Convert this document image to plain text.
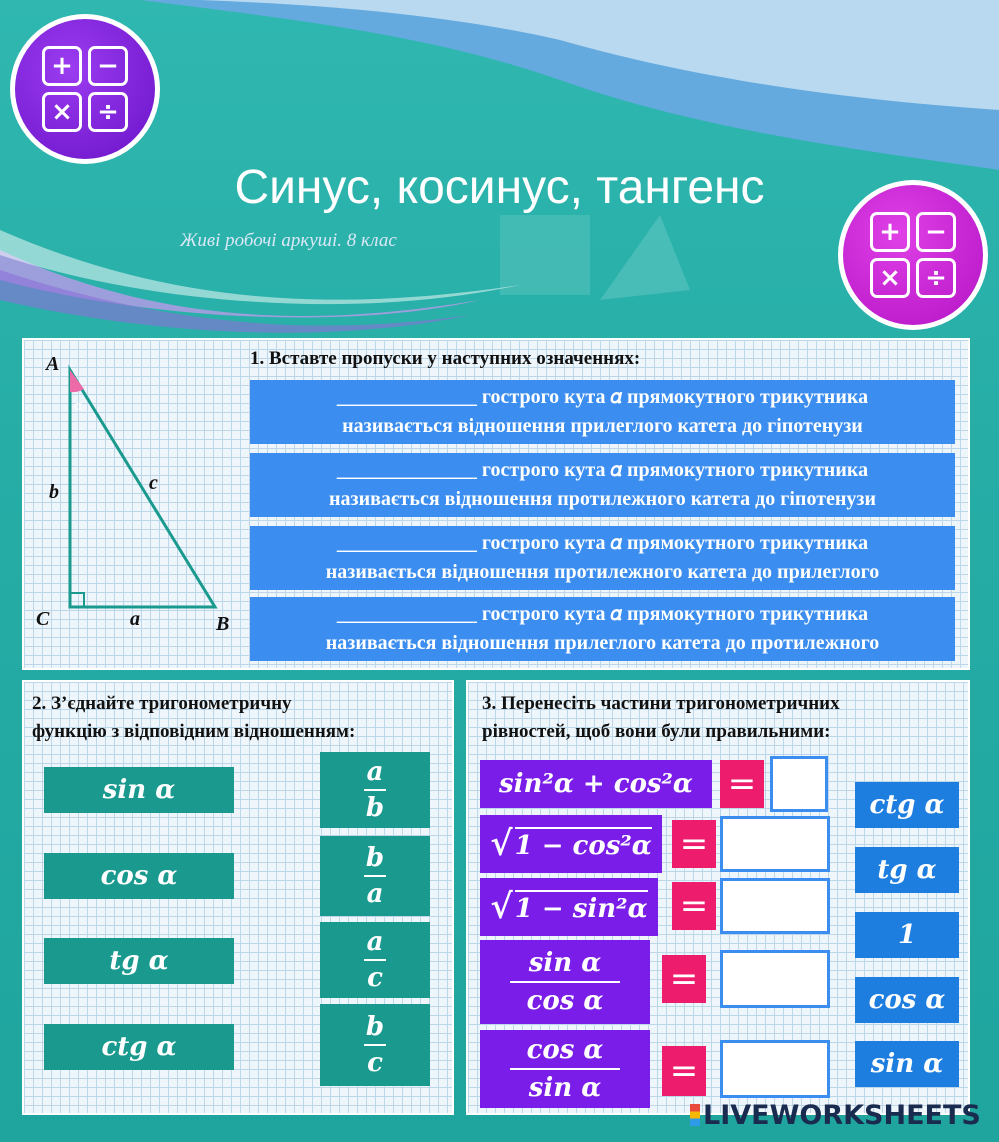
+ −
× ÷
+ −
× ÷
Синус, косинус, тангенс
Живі робочі аркуші. 8 клас
A
C	B
b	c
a
α
1. Вставте пропуски у наступних означеннях:
______________ гострого кута 𝛼 прямокутного трикутника
називається відношення прилеглого катета до гіпотенузи
______________ гострого кута 𝛼 прямокутного трикутника
називається відношення протилежного катета до гіпотенузи
______________ гострого кута 𝛼 прямокутного трикутника
називається відношення протилежного катета до прилеглого
______________ гострого кута 𝛼 прямокутного трикутника
називається відношення прилеглого катета до протилежного
2. З’єднайте тригонометричну
функцію з відповідним відношенням:
sin α
cos α
tg α
ctg α
a
b
b
a
a
c
b
c
3. Перенесіть частини тригонометричних
рівностей, щоб вони були правильними:
sin²α + cos²α	=
√ 1 − cos²α =
√ 1 − sin²α =
$\frac{\text{sin α}}{\text{cos α}}$ =
$\frac{\text{cos α}}{\text{sin α}}$ =
ctg α
tg α
1
cos α
sin α
LIVEWORKSHEETS
